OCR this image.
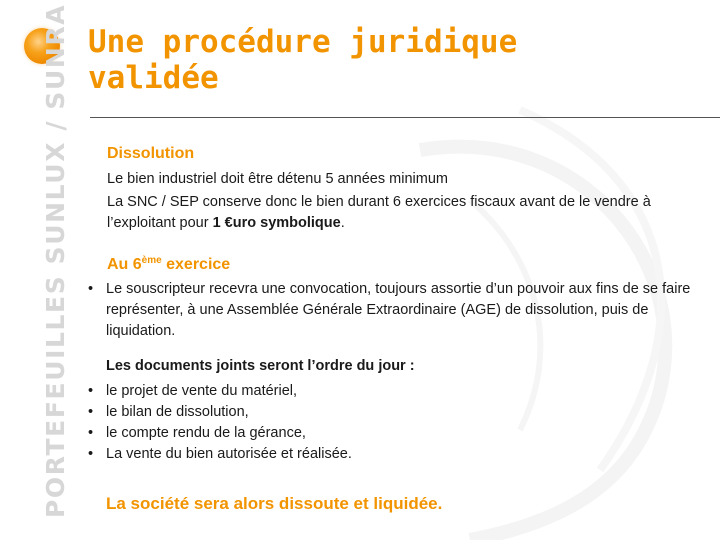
PORTEFEUILLES SUNLUX / SUNRA Une procédure juridique
validée
Dissolution
Le bien industriel doit être détenu 5 années minimum
La SNC / SEP conserve donc le bien durant 6 exercices fiscaux avant de le vendre à l’exploitant pour 1 €uro symbolique.
Au 6ème exercice
• Le souscripteur recevra une convocation, toujours assortie d’un pouvoir aux fins de se faire représenter, à une Assemblée Générale Extraordinaire (AGE) de dissolution, puis de liquidation.
Les documents joints seront l’ordre du jour :
• le projet de vente du matériel,
• le bilan de dissolution,
• le compte rendu de la gérance,
• La vente du bien autorisée et réalisée.
La société sera alors dissoute et liquidée.
